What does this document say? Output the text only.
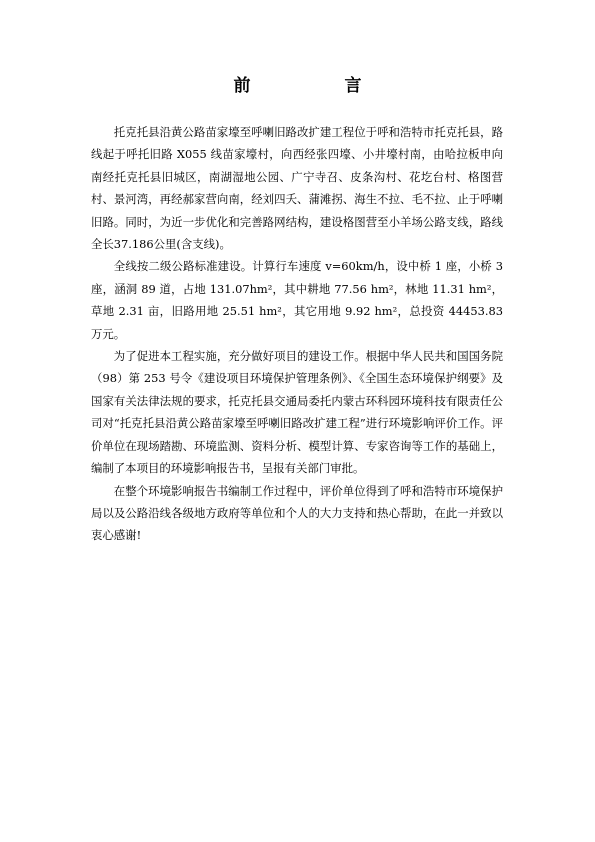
前 言

托克托县沿黄公路苗家壕至呼喇旧路改扩建工程位于呼和浩特市托克托县，路线起于呼托旧路 X055 线苗家壕村，向西经张四壕、小井壕村南，由哈拉板申向南经托克托县旧城区，南湖湿地公园、广宁寺召、皮条沟村、花圪台村、格图营村、景河湾，再经郝家营向南，经刘四夭、蒲滩拐、海生不拉、毛不拉、止于呼喇旧路。同时，为近一步优化和完善路网结构，建设格图营至小羊场公路支线，路线全长37.186公里(含支线)。

全线按二级公路标准建设。计算行车速度 v=60km/h，设中桥 1 座，小桥 3 座，涵洞 89 道，占地 131.07hm²，其中耕地 77.56 hm²，林地 11.31 hm²，草地 2.31 亩，旧路用地 25.51 hm²，其它用地 9.92 hm²，总投资 44453.83 万元。

为了促进本工程实施，充分做好项目的建设工作。根据中华人民共和国国务院（98）第 253 号令《建设项目环境保护管理条例》、《全国生态环境保护纲要》及国家有关法律法规的要求，托克托县交通局委托内蒙古环科园环境科技有限责任公司对“托克托县沿黄公路苗家壕至呼喇旧路改扩建工程”进行环境影响评价工作。评价单位在现场踏勘、环境监测、资料分析、模型计算、专家咨询等工作的基础上，编制了本项目的环境影响报告书，呈报有关部门审批。

在整个环境影响报告书编制工作过程中，评价单位得到了呼和浩特市环境保护局以及公路沿线各级地方政府等单位和个人的大力支持和热心帮助，在此一并致以衷心感谢!
